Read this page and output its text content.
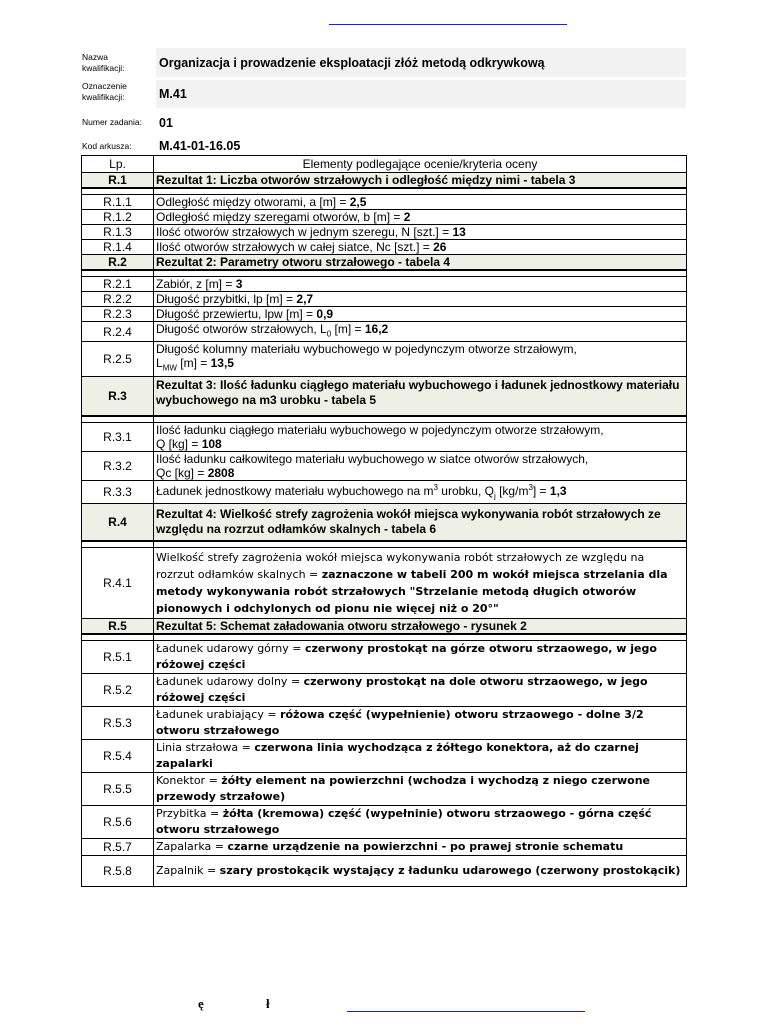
Nazwa kwalifikacji:	Organizacja i prowadzenie eksploatacji złóż metodą odkrywkową
Oznaczenie kwalifikacji:	M.41
Numer zadania:	01
Kod arkusza:	M.41-01-16.05
Lp.	Elementy podlegające ocenie/kryteria oceny
R.1	Rezultat 1: Liczba otworów strzałowych i odległość między nimi - tabela 3

R.1.1	Odległość między otworami, a [m] = 2,5
R.1.2	Odległość między szeregami otworów, b [m] = 2
R.1.3	Ilość otworów strzałowych w jednym szeregu, N [szt.] = 13
R.1.4	Ilość otworów strzałowych w całej siatce, Nc [szt.] = 26
R.2	Rezultat 2: Parametry otworu strzałowego - tabela 4

R.2.1	Zabiór, z [m] = 3
R.2.2	Długość przybitki, lp [m] = 2,7
R.2.3	Długość przewiertu, lpw [m] = 0,9
R.2.4	Długość otworów strzałowych, $L_0$ [m] = 16,2
R.2.5	Długość kolumny materiału wybuchowego w pojedynczym otworze strzałowym,
$L_{MW}$ [m] = 13,5
R.3	Rezultat 3: Ilość ładunku ciągłego materiału wybuchowego i ładunek jednostkowy materiału wybuchowego na m3 urobku - tabela 5

R.3.1	Ilość ładunku ciągłego materiału wybuchowego w pojedynczym otworze strzałowym,
Q [kg] = 108
R.3.2	Ilość ładunku całkowitego materiału wybuchowego w siatce otworów strzałowych,
Qc [kg] = 2808
R.3.3	Ładunek jednostkowy materiału wybuchowego na $m^3$ urobku, $Q_j$ $[kg/m^3] = 1,3$
R.4	Rezultat 4: Wielkość strefy zagrożenia wokół miejsca wykonywania robót strzałowych ze względu na rozrzut odłamków skalnych - tabela 6

R.4.1	Wielkość strefy zagrożenia wokół miejsca wykonywania robót strzałowych ze względu na rozrzut odłamków skalnych = zaznaczone w tabeli 200 m wokół miejsca strzelania dla metody wykonywania robót strzałowych "Strzelanie metodą długich otworów pionowych i odchylonych od pionu nie więcej niż o 20°"
R.5	Rezultat 5: Schemat załadowania otworu strzałowego - rysunek 2

R.5.1	Ładunek udarowy górny = czerwony prostokąt na górze otworu strzaowego, w jego różowej części
R.5.2	Ładunek udarowy dolny = czerwony prostokąt na dole otworu strzaowego, w jego różowej części
R.5.3	Ładunek urabiający = różowa część (wypełnienie) otworu strzaowego - dolne 3/2 otworu strzałowego
R.5.4	Linia strzałowa = czerwona linia wychodząca z żółtego konektora, aż do czarnej zapalarki
R.5.5	Konektor = żółty element na powierzchni (wchodza i wychodzą z niego czerwone przewody strzałowe)
R.5.6	Przybitka = żółta (kremowa) część (wypełninie) otworu strzaowego - górna część otworu strzałowego
R.5.7	Zapalarka = czarne urządzenie na powierzchni - po prawej stronie schematu
R.5.8	Zapalnik = szary prostokącik wystający z ładunku udarowego (czerwony prostokącik)
ę	ł
